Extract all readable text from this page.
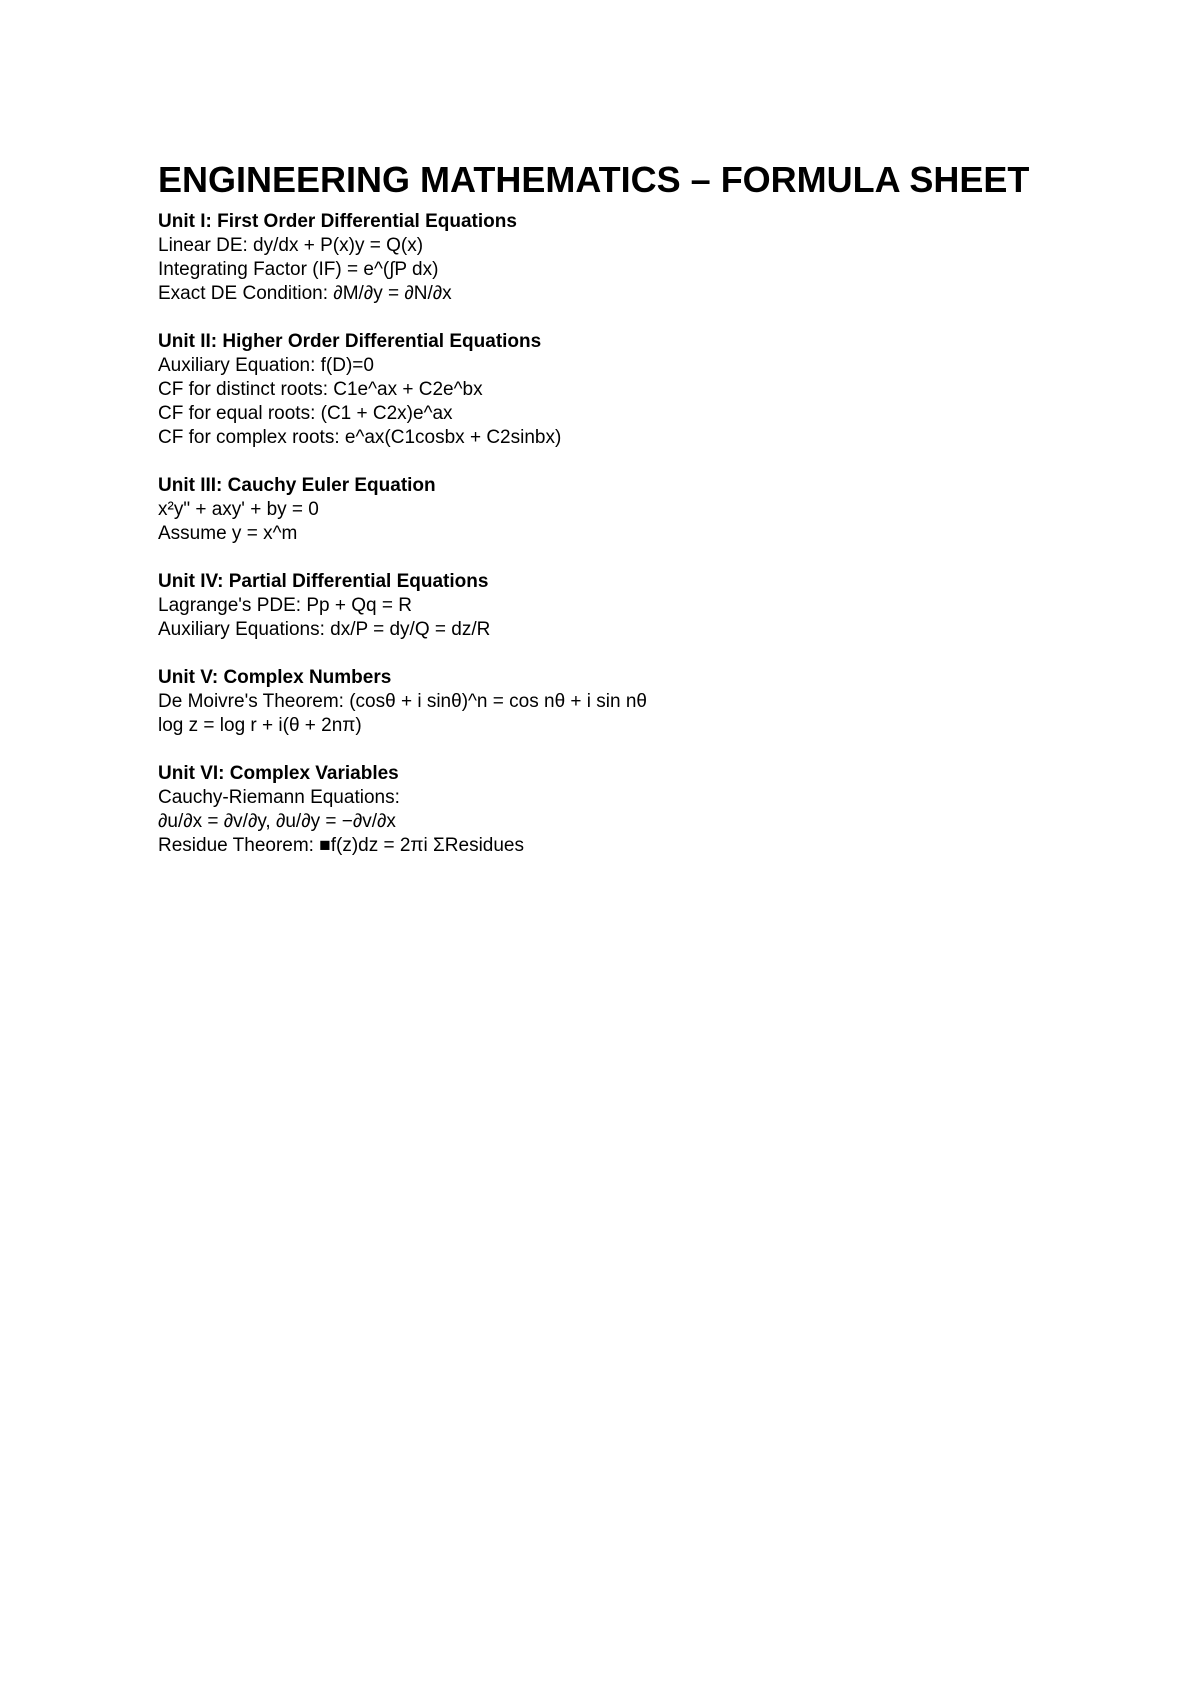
ENGINEERING MATHEMATICS – FORMULA SHEET

Unit I: First Order Differential Equations

Linear DE: dy/dx + P(x)y = Q(x)

Integrating Factor (IF) = e^(∫P dx)

Exact DE Condition: ∂M/∂y = ∂N/∂x

Unit II: Higher Order Differential Equations

Auxiliary Equation: f(D)=0

CF for distinct roots: C1e^ax + C2e^bx

CF for equal roots: (C1 + C2x)e^ax

CF for complex roots: e^ax(C1cosbx + C2sinbx)

Unit III: Cauchy Euler Equation

x²y" + axy' + by = 0

Assume y = x^m

Unit IV: Partial Differential Equations

Lagrange's PDE: Pp + Qq = R

Auxiliary Equations: dx/P = dy/Q = dz/R

Unit V: Complex Numbers

De Moivre's Theorem: (cosθ + i sinθ)^n = cos nθ + i sin nθ

log z = log r + i(θ + 2nπ)

Unit VI: Complex Variables

Cauchy-Riemann Equations:

∂u/∂x = ∂v/∂y, ∂u/∂y = −∂v/∂x

Residue Theorem: ■f(z)dz = 2πi ΣResidues
